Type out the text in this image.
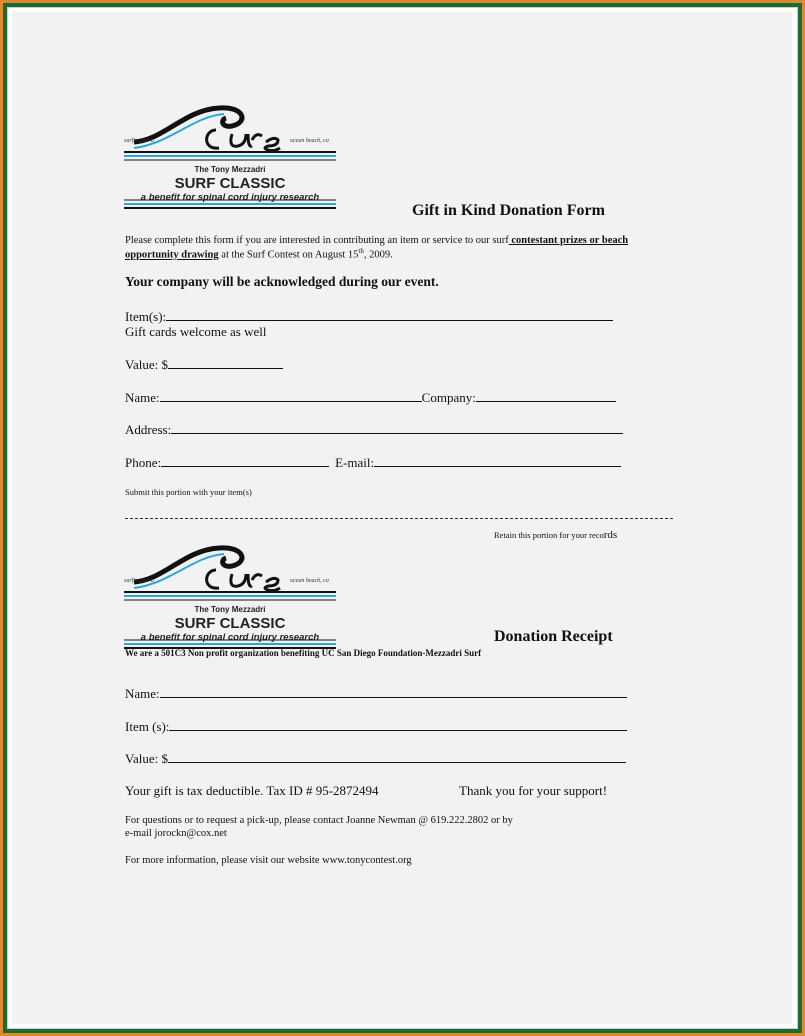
surfing for a	ocean beach, ca
The Tony Mezzadri
SURF CLASSIC
a benefit for spinal cord injury research
Gift in Kind Donation Form
Please complete this form if you are interested in contributing an item or service to our surf contestant prizes or beach
opportunity drawing at the Surf Contest on August 15th, 2009.
Your company will be acknowledged during our event.
Item(s):
Gift cards welcome as well
Value: $
Name:	Company:
Address:
Phone:	E-mail:
Submit this portion with your item(s)
Retain this portion for your records
surfing for a	ocean beach, ca
The Tony Mezzadri
SURF CLASSIC
a benefit for spinal cord injury research	Donation Receipt
We are a 501C3 Non profit organization benefiting UC San Diego Foundation-Mezzadri Surf
Name:
Item (s):
Value: $
Your gift is tax deductible. Tax ID # 95-2872494	Thank you for your support!
For questions or to request a pick-up, please contact Joanne Newman @ 619.222.2802 or by
e-mail jorockn@cox.net
For more information, please visit our website www.tonycontest.org
